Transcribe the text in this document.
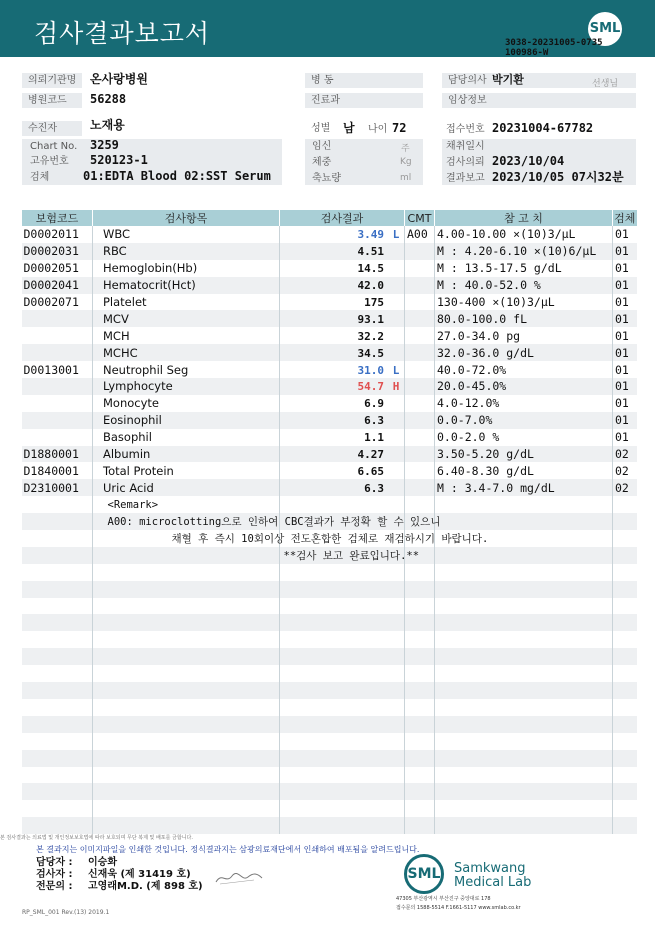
검사결과보고서	SML
3038-20231005-0735
100986-W
의뢰기관명	온사랑병원
병원코드	56288
수진자	노재용
Chart No. 3259
고유번호 520123-1
검체	01:EDTA Blood 02:SST Serum
병 동
진료과
성별	남 나이 72
임신	주
체중	Kg
축뇨량	ml
담당의사 박기환	선생님
임상정보
접수번호 20231004-67782
채취일시
검사의뢰 2023/10/04
결과보고 2023/10/05 07시32분
보험코드	검사항목	검사결과	CMT	참 고 치	검체
D0002011	WBC	3.49 L	A00	4.00-10.00 ×(10)3/μL	01
D0002031	RBC	4.51		M : 4.20-6.10 ×(10)6/μL	01
D0002051	Hemoglobin(Hb)	14.5		M : 13.5-17.5 g/dL	01
D0002041	Hematocrit(Hct)	42.0		M : 40.0-52.0 %	01
D0002071	Platelet	175		130-400 ×(10)3/μL	01
	MCV	93.1		80.0-100.0 fL	01
	MCH	32.2		27.0-34.0 pg	01
	MCHC	34.5		32.0-36.0 g/dL	01
D0013001	Neutrophil Seg	31.0 L		40.0-72.0%	01
	Lymphocyte	54.7 H		20.0-45.0%	01
	Monocyte	6.9		4.0-12.0%	01
	Eosinophil	6.3		0.0-7.0%	01
	Basophil	1.1		0.0-2.0 %	01
D1880001	Albumin	4.27		3.50-5.20 g/dL	02
D1840001	Total Protein	6.65		6.40-8.30 g/dL	02
D2310001	Uric Acid	6.3		M : 3.4-7.0 mg/dL	02

<Remark>					

채혈 후 즉시 10회이상 전도혼합한 검체로 재검하시기 바랍니다.					

본 검사결과는 의료법 및 개인정보보호법에 따라 보호되며 무단 복제 및 배포를 금합니다.
본 결과지는 이미지파일을 인쇄한 것입니다. 정식결과지는 삼광의료재단에서 인쇄하여 배포됨을 알려드립니다.
담당자 : 이승화
검사자 : 신재욱 (제 31419 호)
전문의 : 고영래M.D. (제 898 호)
SML Samkwang
Medical Lab
47305 부산광역시 부산진구 중앙대로 178
접수문의 1588-5514 F.1661-5117 www.smlab.co.kr
RP_SML_001 Rev.(13) 2019.1
